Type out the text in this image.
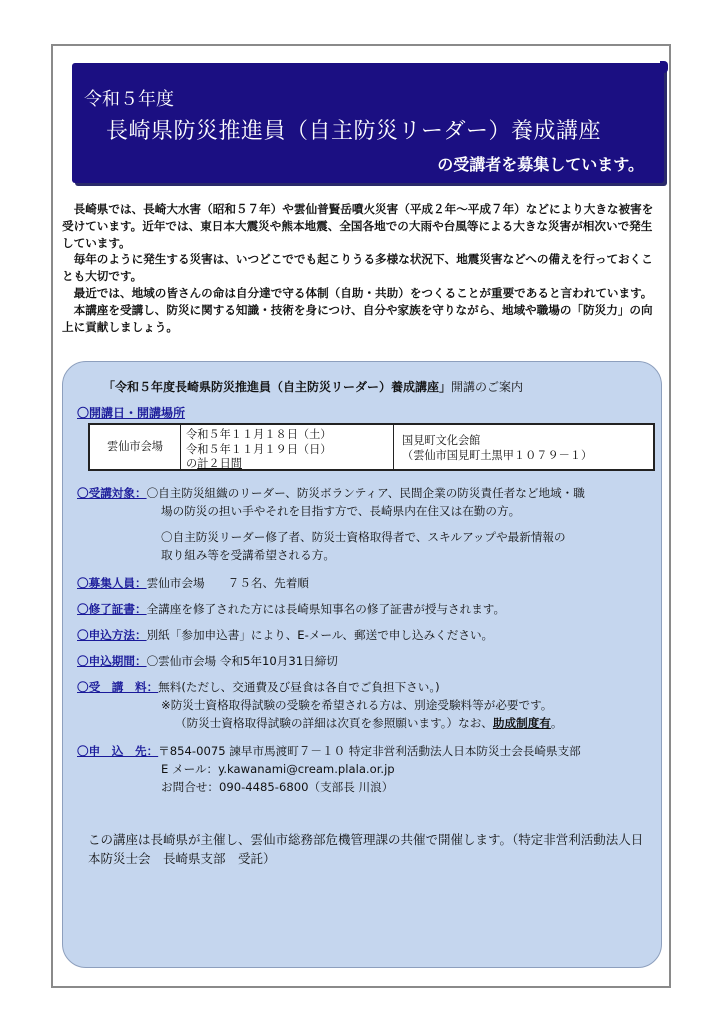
令和５年度
長崎県防災推進員（自主防災リーダー）養成講座
の受講者を募集しています。

長崎県では、長崎大水害（昭和５７年）や雲仙普賢岳噴火災害（平成２年～平成７年）などにより大きな被害を受けています。近年では、東日本大震災や熊本地震、全国各地での大雨や台風等による大きな災害が相次いで発生しています。

毎年のように発生する災害は、いつどこででも起こりうる多様な状況下、地震災害などへの備えを行っておくことも大切です。

最近では、地域の皆さんの命は自分達で守る体制（自助・共助）をつくることが重要であると言われています。

本講座を受講し、防災に関する知識・技術を身につけ、自分や家族を守りながら、地域や職場の「防災力」の向上に貢献しましょう。

「令和５年度長崎県防災推進員（自主防災リーダー）養成講座」開講のご案内
〇開講日・開講場所
雲仙市会場
令和５年１１月１８日（土）
令和５年１１月１９日（日）
の計２日間
国見町文化会館
（雲仙市国見町土黒甲１０７９－１）
〇受講対象：〇自主防災組織のリーダー、防災ボランティア、民間企業の防災責任者など地域・職
場の防災の担い手やそれを目指す方で、長崎県内在住又は在勤の方。
〇自主防災リーダー修了者、防災士資格取得者で、スキルアップや最新情報の
取り組み等を受講希望される方。
〇募集人員：雲仙市会場　　７５名、先着順
〇修了証書：全講座を修了された方には長崎県知事名の修了証書が授与されます。
〇申込方法：別紙「参加申込書」により、E-メール、郵送で申し込みください。
〇申込期間：〇雲仙市会場 令和5年10月31日締切
〇受　講　料：無料(ただし、交通費及び昼食は各自でご負担下さい。)
※防災士資格取得試験の受験を希望される方は、別途受験料等が必要です。
（防災士資格取得試験の詳細は次頁を参照願います。）なお、助成制度有。
〇申　込　先：〒854-0075 諫早市馬渡町７－１０ 特定非営利活動法人日本防災士会長崎県支部
E メール：y.kawanami@cream.plala.or.jp
お問合せ：090-4485-6800（支部長 川浪）
この講座は長崎県が主催し、雲仙市総務部危機管理課の共催で開催します。（特定非営利活動法人日本防災士会　長崎県支部　受託）
